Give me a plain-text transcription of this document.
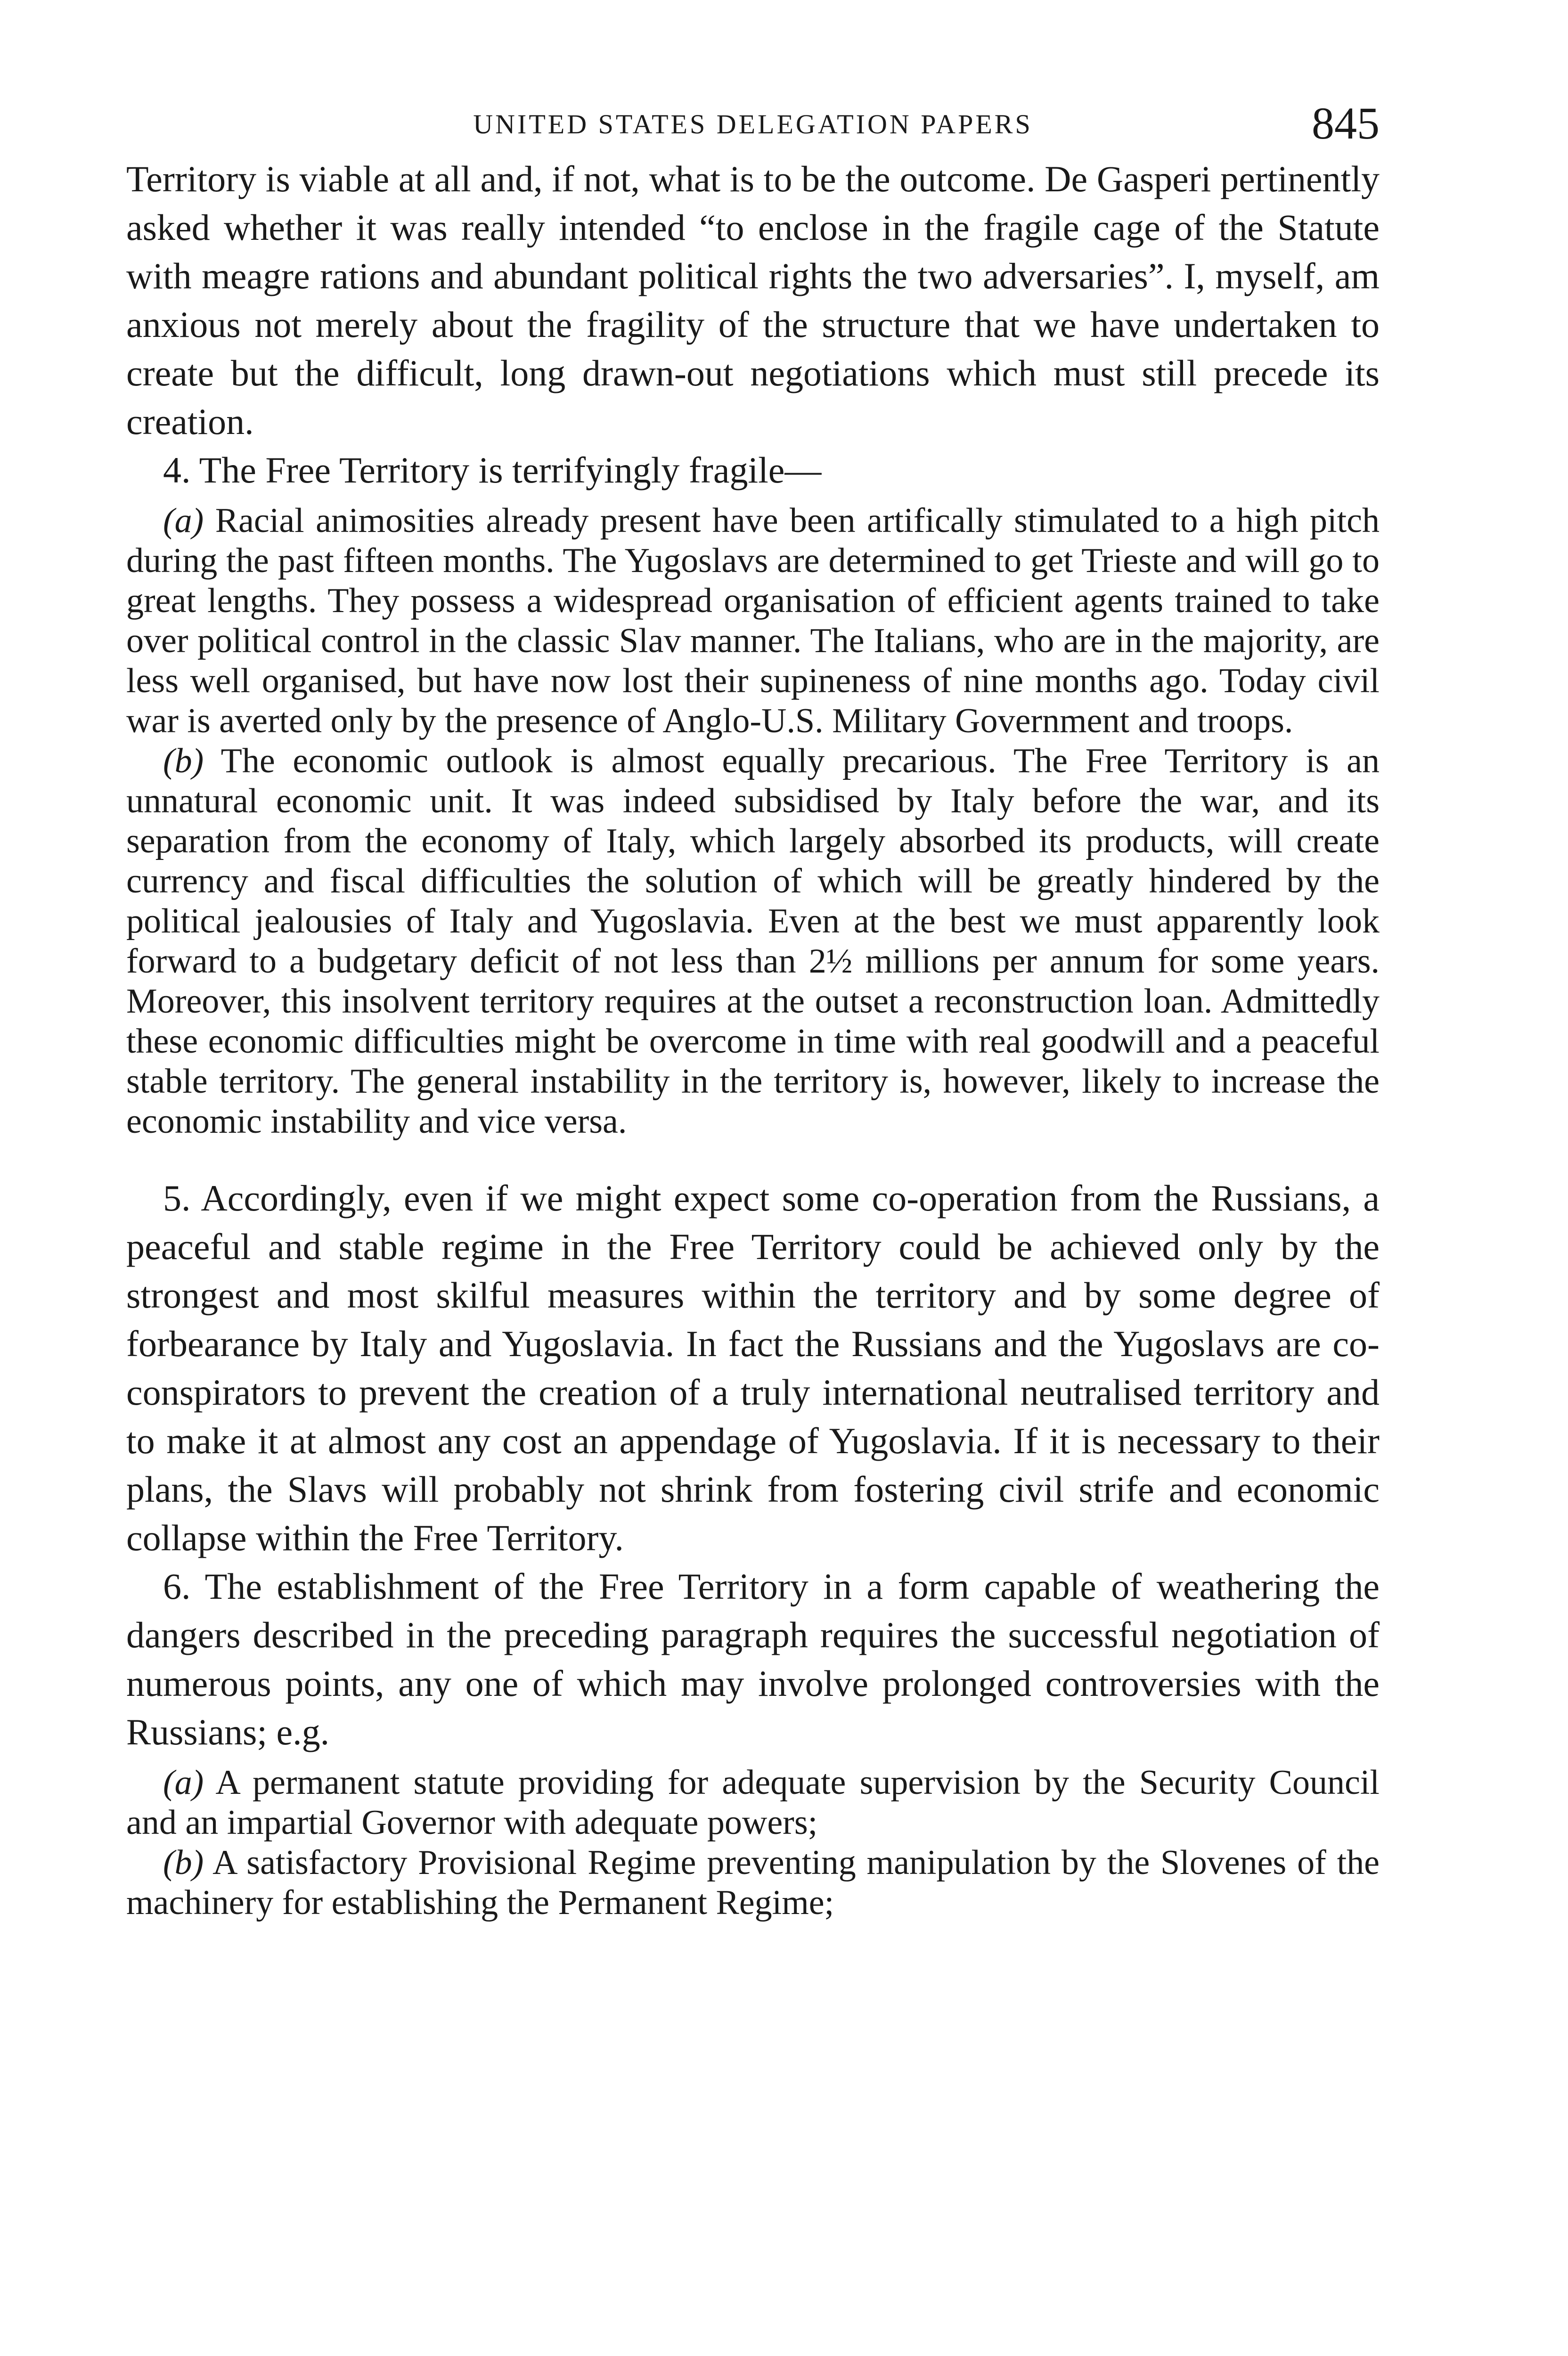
UNITED STATES DELEGATION PAPERS	845

Territory is viable at all and, if not, what is to be the outcome. De Gasperi pertinently asked whether it was really intended “to enclose in the fragile cage of the Statute with meagre rations and abundant political rights the two adversaries”. I, myself, am anxious not merely about the fragility of the structure that we have undertaken to create but the difficult, long drawn-out negotiations which must still precede its creation.

4. The Free Territory is terrifyingly fragile—

(a) Racial animosities already present have been artifically stimulated to a high pitch during the past fifteen months. The Yugoslavs are determined to get Trieste and will go to great lengths. They possess a widespread organisation of efficient agents trained to take over political control in the classic Slav manner. The Italians, who are in the majority, are less well organised, but have now lost their supineness of nine months ago. Today civil war is averted only by the presence of Anglo-U.S. Military Government and troops.

(b) The economic outlook is almost equally precarious. The Free Territory is an unnatural economic unit. It was indeed subsidised by Italy before the war, and its separation from the economy of Italy, which largely absorbed its products, will create currency and fiscal difficulties the solution of which will be greatly hindered by the political jealousies of Italy and Yugoslavia. Even at the best we must apparently look forward to a budgetary deficit of not less than 2½ millions per annum for some years. Moreover, this insolvent territory requires at the outset a reconstruction loan. Admittedly these economic difficulties might be overcome in time with real goodwill and a peaceful stable territory. The general instability in the territory is, however, likely to increase the economic instability and vice versa.

5. Accordingly, even if we might expect some co-operation from the Russians, a peaceful and stable regime in the Free Territory could be achieved only by the strongest and most skilful measures within the territory and by some degree of forbearance by Italy and Yugoslavia. In fact the Russians and the Yugoslavs are co-conspirators to prevent the creation of a truly international neutralised territory and to make it at almost any cost an appendage of Yugoslavia. If it is necessary to their plans, the Slavs will probably not shrink from fostering civil strife and economic collapse within the Free Territory.

6. The establishment of the Free Territory in a form capable of weathering the dangers described in the preceding paragraph requires the successful negotiation of numerous points, any one of which may involve prolonged controversies with the Russians; e.g.

(a) A permanent statute providing for adequate supervision by the Security Council and an impartial Governor with adequate powers;

(b) A satisfactory Provisional Regime preventing manipulation by the Slovenes of the machinery for establishing the Permanent Regime;
